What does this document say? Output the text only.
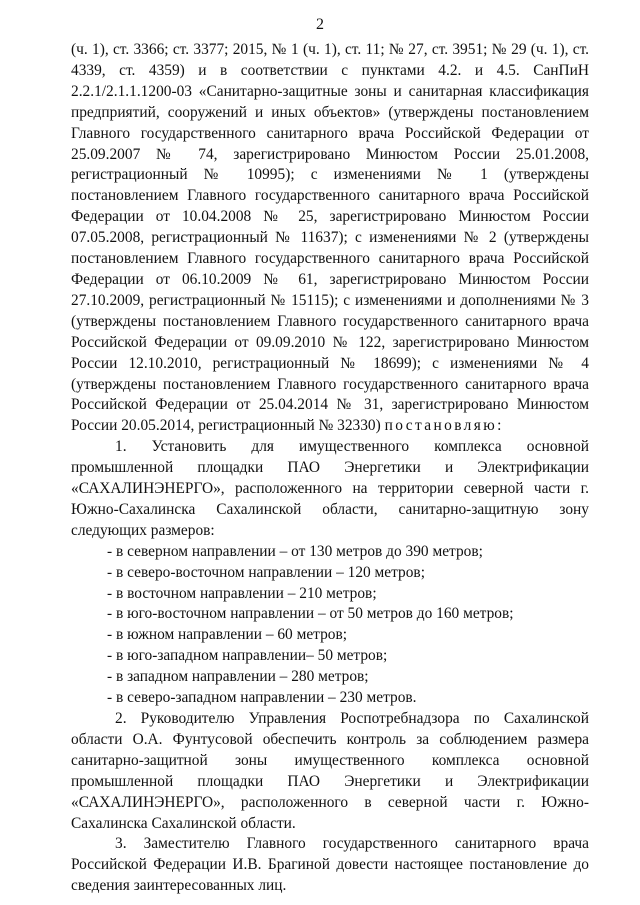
2

(ч. 1), ст. 3366; ст. 3377; 2015, № 1 (ч. 1), ст. 11; № 27, ст. 3951; № 29 (ч. 1), ст. 4339, ст. 4359) и в соответствии с пунктами 4.2. и 4.5. СанПиН 2.2.1/2.1.1.1200-03 «Санитарно-защитные зоны и санитарная классификация предприятий, сооружений и иных объектов» (утверждены постановлением Главного государственного санитарного врача Российской Федерации от 25.09.2007 № 74, зарегистрировано Минюстом России 25.01.2008, регистрационный № 10995); с изменениями № 1 (утверждены постановлением Главного государственного санитарного врача Российской Федерации от 10.04.2008 № 25, зарегистрировано Минюстом России 07.05.2008, регистрационный № 11637); с изменениями № 2 (утверждены постановлением Главного государственного санитарного врача Российской Федерации от 06.10.2009 № 61, зарегистрировано Минюстом России 27.10.2009, регистрационный № 15115); с изменениями и дополнениями № 3 (утверждены постановлением Главного государственного санитарного врача Российской Федерации от 09.09.2010 № 122, зарегистрировано Минюстом России 12.10.2010, регистрационный № 18699); с изменениями № 4 (утверждены постановлением Главного государственного санитарного врача Российской Федерации от 25.04.2014 № 31, зарегистрировано Минюстом России 20.05.2014, регистрационный № 32330) постановляю:

1. Установить для имущественного комплекса основной промышленной площадки ПАО Энергетики и Электрификации «САХАЛИНЭНЕРГО», расположенного на территории северной части г. Южно-Сахалинска Сахалинской области, санитарно-защитную зону следующих размеров:

- в северном направлении – от 130 метров до 390 метров;
- в северо-восточном направлении – 120 метров;
- в восточном направлении – 210 метров;
- в юго-восточном направлении – от 50 метров до 160 метров;
- в южном направлении – 60 метров;
- в юго-западном направлении– 50 метров;
- в западном направлении – 280 метров;
- в северо-западном направлении – 230 метров.

2. Руководителю Управления Роспотребнадзора по Сахалинской области О.А. Фунтусовой обеспечить контроль за соблюдением размера санитарно-защитной зоны имущественного комплекса основной промышленной площадки ПАО Энергетики и Электрификации «САХАЛИНЭНЕРГО», расположенного в северной части г. Южно-Сахалинска Сахалинской области.

3. Заместителю Главного государственного санитарного врача Российской Федерации И.В. Брагиной довести настоящее постановление до сведения заинтересованных лиц.
